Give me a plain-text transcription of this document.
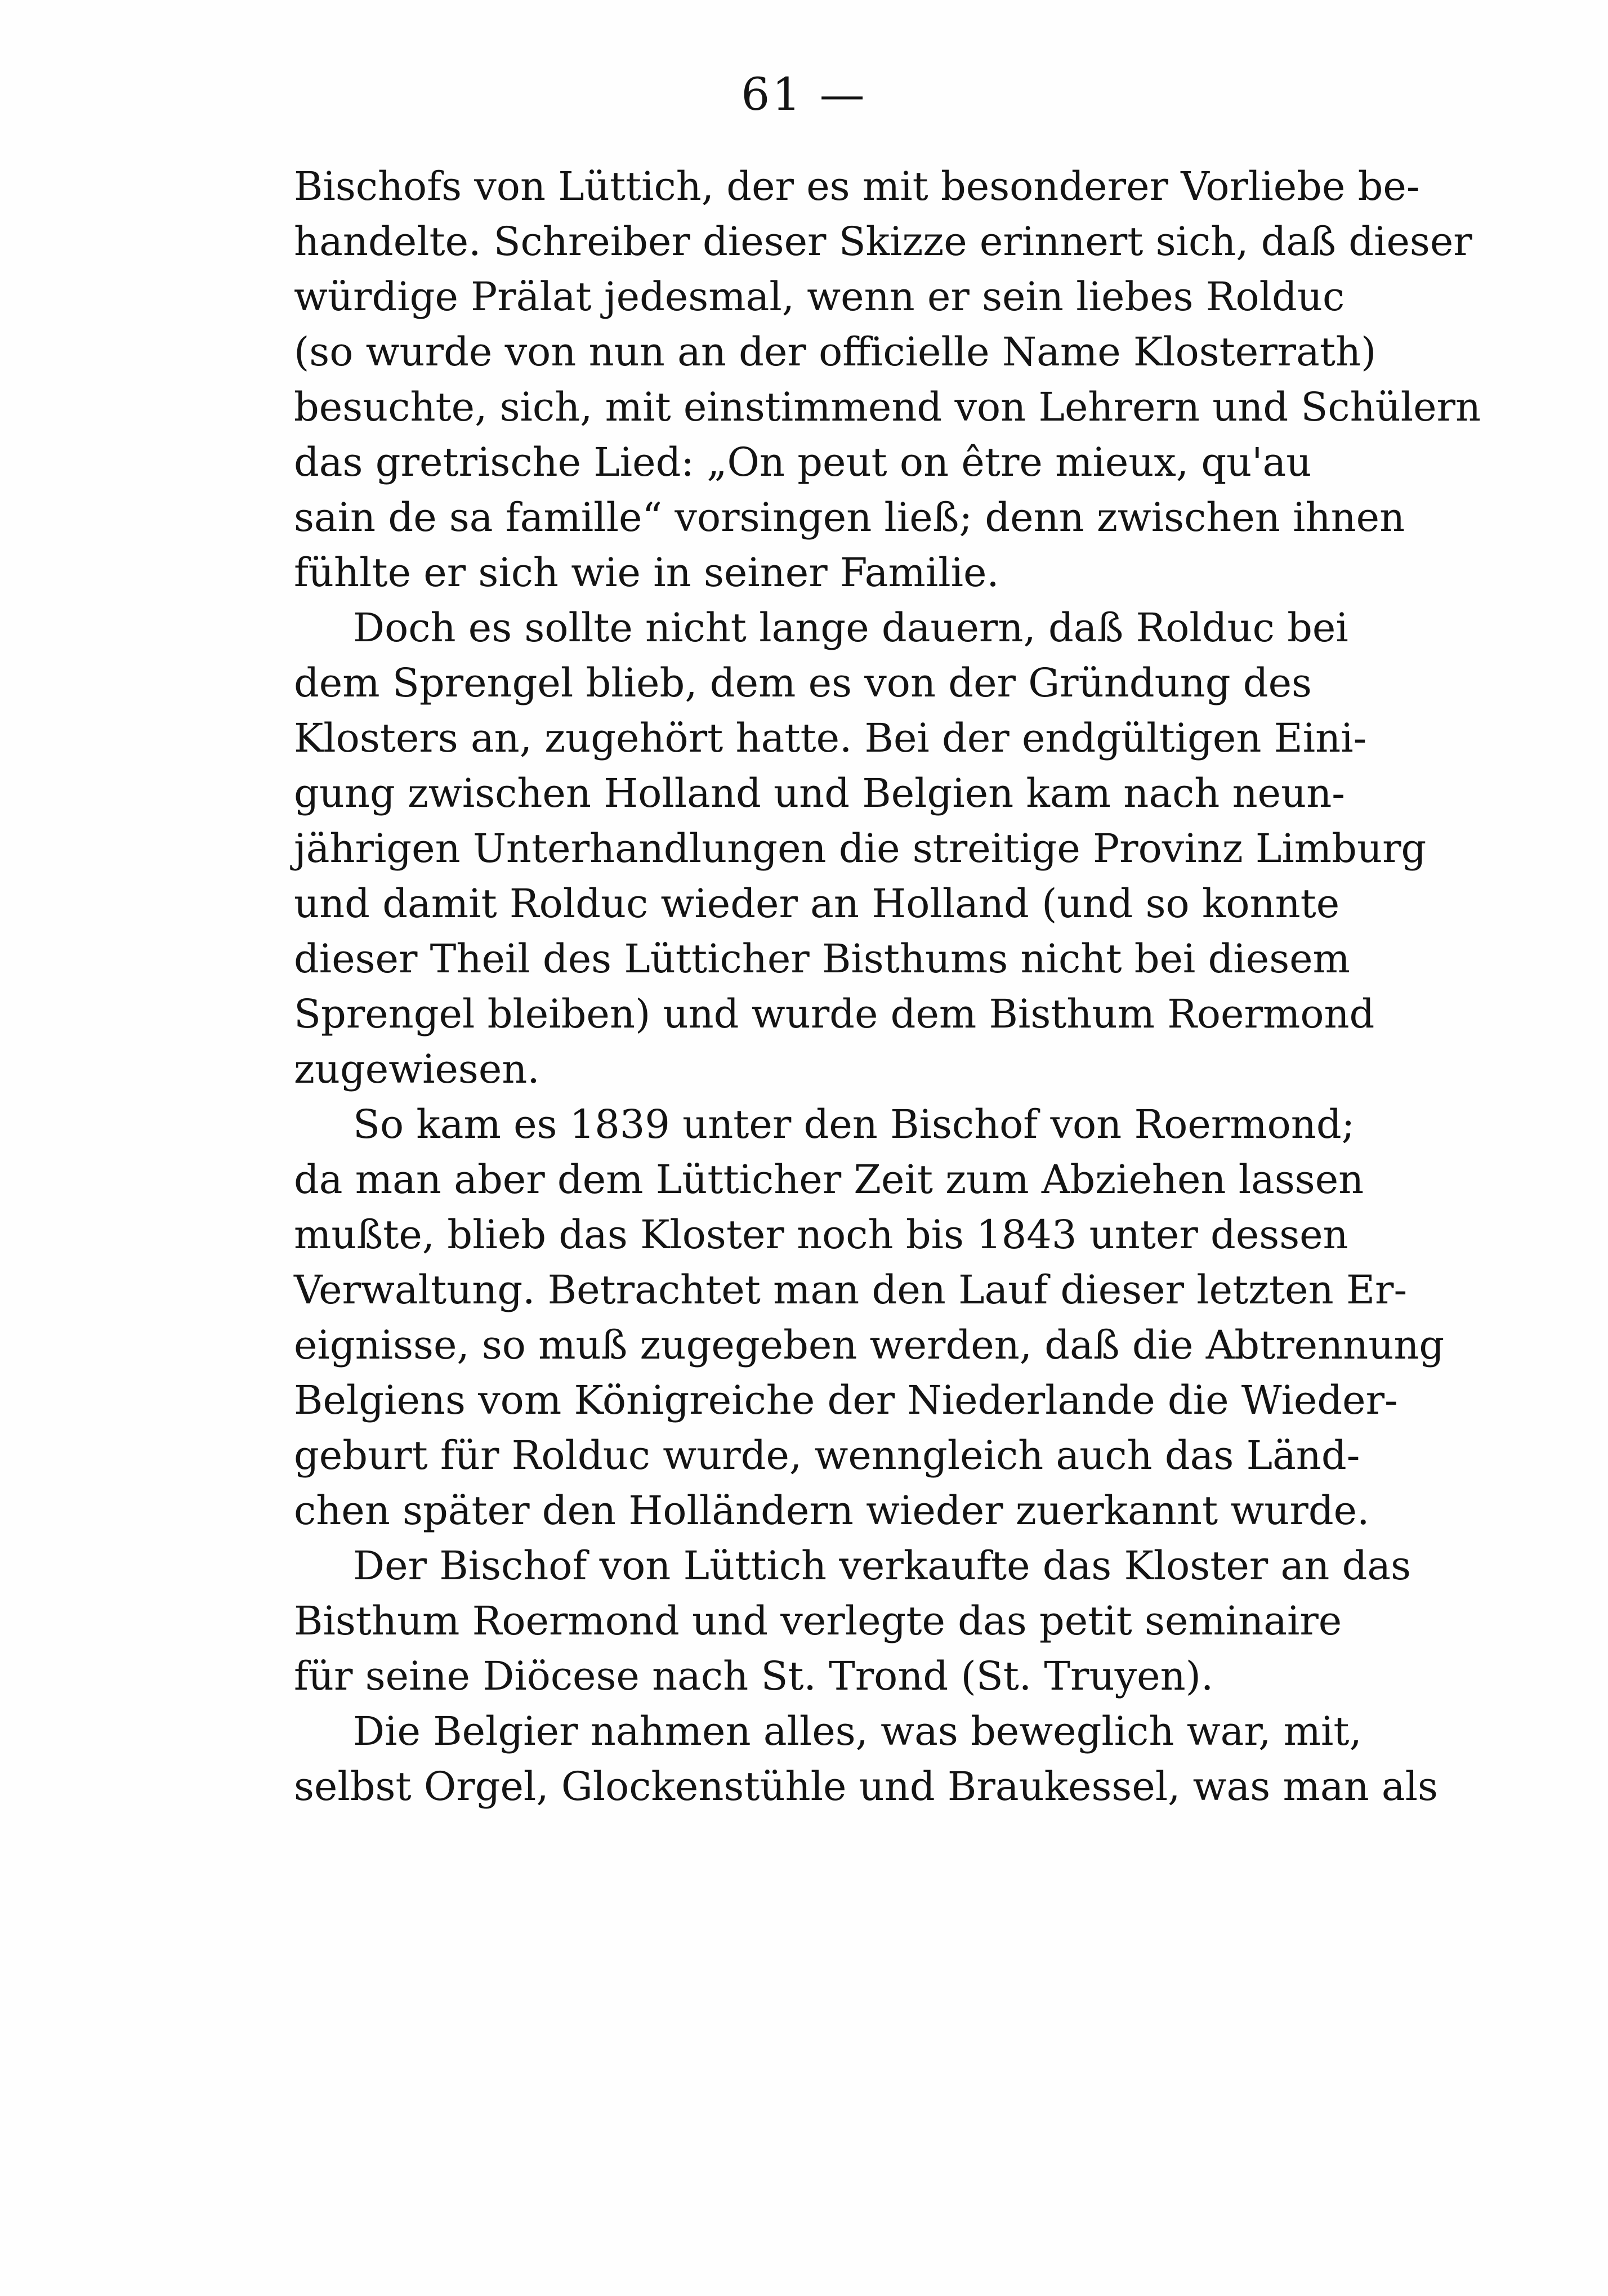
61 —
Bischofs von Lüttich, der es mit besonderer Vorliebe be-
handelte. Schreiber dieser Skizze erinnert sich, daß dieser
würdige Prälat jedesmal, wenn er sein liebes Rolduc
(so wurde von nun an der officielle Name Klosterrath)
besuchte, sich, mit einstimmend von Lehrern und Schülern
das gretrische Lied: „On peut on être mieux, qu'au
sain de sa famille“ vorsingen ließ; denn zwischen ihnen
fühlte er sich wie in seiner Familie.
Doch es sollte nicht lange dauern, daß Rolduc bei
dem Sprengel blieb, dem es von der Gründung des
Klosters an, zugehört hatte. Bei der endgültigen Eini-
gung zwischen Holland und Belgien kam nach neun-
jährigen Unterhandlungen die streitige Provinz Limburg
und damit Rolduc wieder an Holland (und so konnte
dieser Theil des Lütticher Bisthums nicht bei diesem
Sprengel bleiben) und wurde dem Bisthum Roermond
zugewiesen.
So kam es 1839 unter den Bischof von Roermond;
da man aber dem Lütticher Zeit zum Abziehen lassen
mußte, blieb das Kloster noch bis 1843 unter dessen
Verwaltung. Betrachtet man den Lauf dieser letzten Er-
eignisse, so muß zugegeben werden, daß die Abtrennung
Belgiens vom Königreiche der Niederlande die Wieder-
geburt für Rolduc wurde, wenngleich auch das Länd-
chen später den Holländern wieder zuerkannt wurde.
Der Bischof von Lüttich verkaufte das Kloster an das
Bisthum Roermond und verlegte das petit seminaire
für seine Diöcese nach St. Trond (St. Truyen).
Die Belgier nahmen alles, was beweglich war, mit,
selbst Orgel, Glockenstühle und Braukessel, was man als
